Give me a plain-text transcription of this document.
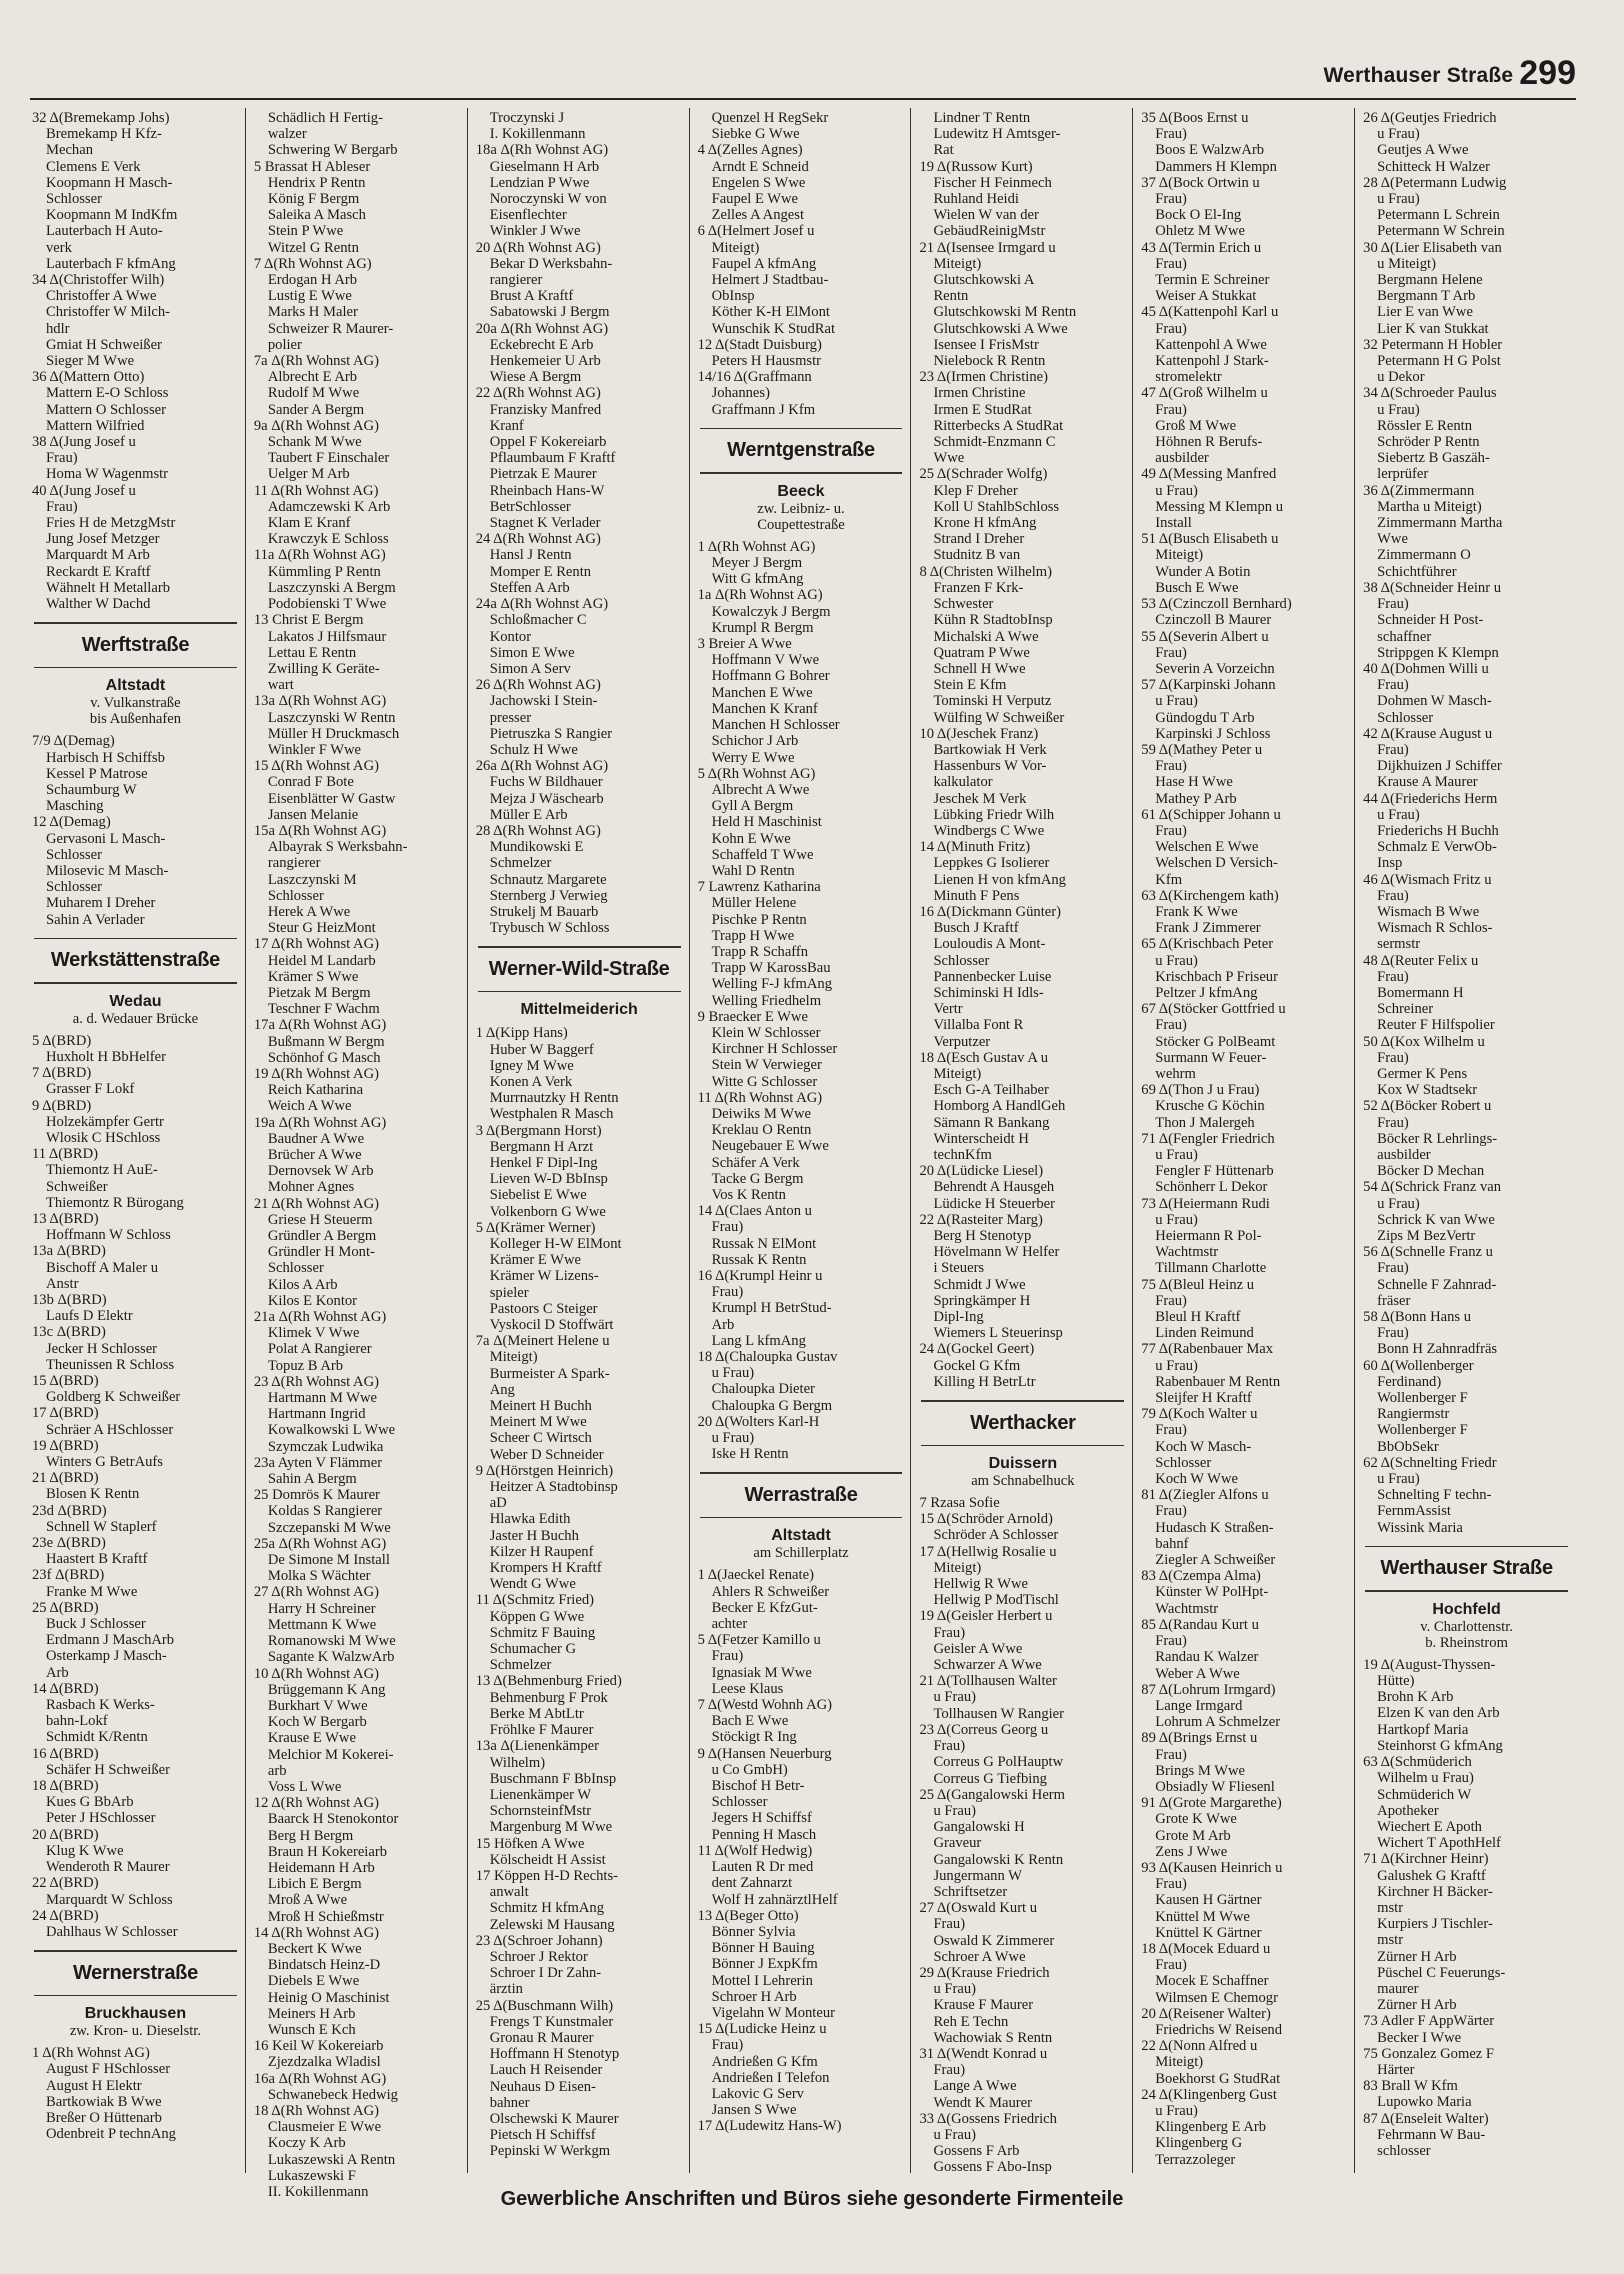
Werthauser Straße 299
32 Δ(Bremekamp Johs)
Bremekamp H Kfz-
Mechan
Clemens E Verk
Koopmann H Masch-
Schlosser
Koopmann M IndKfm
Lauterbach H Auto-
verk
Lauterbach F kfmAng
34 Δ(Christoffer Wilh)
Christoffer A Wwe
Christoffer W Milch-
hdlr
Gmiat H Schweißer
Sieger M Wwe
36 Δ(Mattern Otto)
Mattern E-O Schloss
Mattern O Schlosser
Mattern Wilfried
38 Δ(Jung Josef u
Frau)
Homa W Wagenmstr
40 Δ(Jung Josef u
Frau)
Fries H de MetzgMstr
Jung Josef Metzger
Marquardt M Arb
Reckardt E Kraftf
Wähnelt H Metallarb
Walther W Dachd
Werftstraße
Altstadt
v. Vulkanstraße
bis Außenhafen
7/9 Δ(Demag)
Harbisch H Schiffsb
Kessel P Matrose
Schaumburg W
Masching
12 Δ(Demag)
Gervasoni L Masch-
Schlosser
Milosevic M Masch-
Schlosser
Muharem I Dreher
Sahin A Verlader
Werkstättenstraße
Wedau
a. d. Wedauer Brücke
5 Δ(BRD)
Huxholt H BbHelfer
7 Δ(BRD)
Grasser F Lokf
9 Δ(BRD)
Holzekämpfer Gertr
Wlosik C HSchloss
11 Δ(BRD)
Thiemontz H AuE-
Schweißer
Thiemontz R Bürogang
13 Δ(BRD)
Hoffmann W Schloss
13a Δ(BRD)
Bischoff A Maler u
Anstr
13b Δ(BRD)
Laufs D Elektr
13c Δ(BRD)
Jecker H Schlosser
Theunissen R Schloss
15 Δ(BRD)
Goldberg K Schweißer
17 Δ(BRD)
Schräer A HSchlosser
19 Δ(BRD)
Winters G BetrAufs
21 Δ(BRD)
Blosen K Rentn
23d Δ(BRD)
Schnell W Staplerf
23e Δ(BRD)
Haastert B Kraftf
23f Δ(BRD)
Franke M Wwe
25 Δ(BRD)
Buck J Schlosser
Erdmann J MaschArb
Osterkamp J Masch-
Arb
14 Δ(BRD)
Rasbach K Werks-
bahn-Lokf
Schmidt K/Rentn
16 Δ(BRD)
Schäfer H Schweißer
18 Δ(BRD)
Kues G BbArb
Peter J HSchlosser
20 Δ(BRD)
Klug K Wwe
Wenderoth R Maurer
22 Δ(BRD)
Marquardt W Schloss
24 Δ(BRD)
Dahlhaus W Schlosser
Wernerstraße
Bruckhausen
zw. Kron- u. Dieselstr.
1 Δ(Rh Wohnst AG)
August F HSchlosser
August H Elektr
Bartkowiak B Wwe
Breßer O Hüttenarb
Odenbreit P technAng
Schädlich H Fertig-
walzer
Schwering W Bergarb
5 Brassat H Ableser
Hendrix P Rentn
König F Bergm
Saleika A Masch
Stein P Wwe
Witzel G Rentn
7 Δ(Rh Wohnst AG)
Erdogan H Arb
Lustig E Wwe
Marks H Maler
Schweizer R Maurer-
polier
7a Δ(Rh Wohnst AG)
Albrecht E Arb
Rudolf M Wwe
Sander A Bergm
9a Δ(Rh Wohnst AG)
Schank M Wwe
Taubert F Einschaler
Uelger M Arb
11 Δ(Rh Wohnst AG)
Adamczewski K Arb
Klam E Kranf
Krawczyk E Schloss
11a Δ(Rh Wohnst AG)
Kümmling P Rentn
Laszczynski A Bergm
Podobienski T Wwe
13 Christ E Bergm
Lakatos J Hilfsmaur
Lettau E Rentn
Zwilling K Geräte-
wart
13a Δ(Rh Wohnst AG)
Laszczynski W Rentn
Müller H Druckmasch
Winkler F Wwe
15 Δ(Rh Wohnst AG)
Conrad F Bote
Eisenblätter W Gastw
Jansen Melanie
15a Δ(Rh Wohnst AG)
Albayrak S Werksbahn-
rangierer
Laszczynski M
Schlosser
Herek A Wwe
Steur G HeizMont
17 Δ(Rh Wohnst AG)
Heidel M Landarb
Krämer S Wwe
Pietzak M Bergm
Teschner F Wachm
17a Δ(Rh Wohnst AG)
Bußmann W Bergm
Schönhof G Masch
19 Δ(Rh Wohnst AG)
Reich Katharina
Weich A Wwe
19a Δ(Rh Wohnst AG)
Baudner A Wwe
Brücher A Wwe
Dernovsek W Arb
Mohner Agnes
21 Δ(Rh Wohnst AG)
Griese H Steuerm
Gründler A Bergm
Gründler H Mont-
Schlosser
Kilos A Arb
Kilos E Kontor
21a Δ(Rh Wohnst AG)
Klimek V Wwe
Polat A Rangierer
Topuz B Arb
23 Δ(Rh Wohnst AG)
Hartmann M Wwe
Hartmann Ingrid
Kowalkowski L Wwe
Szymczak Ludwika
23a Ayten V Flämmer
Sahin A Bergm
25 Domrös K Maurer
Koldas S Rangierer
Szczepanski M Wwe
25a Δ(Rh Wohnst AG)
De Simone M Install
Molka S Wächter
27 Δ(Rh Wohnst AG)
Harry H Schreiner
Mettmann K Wwe
Romanowski M Wwe
Sagante K WalzwArb
10 Δ(Rh Wohnst AG)
Brüggemann K Ang
Burkhart V Wwe
Koch W Bergarb
Krause E Wwe
Melchior M Kokerei-
arb
Voss L Wwe
12 Δ(Rh Wohnst AG)
Baarck H Stenokontor
Berg H Bergm
Braun H Kokereiarb
Heidemann H Arb
Libich E Bergm
Mroß A Wwe
Mroß H Schießmstr
14 Δ(Rh Wohnst AG)
Beckert K Wwe
Bindatsch Heinz-D
Diebels E Wwe
Heinig O Maschinist
Meiners H Arb
Wunsch E Kch
16 Keil W Kokereiarb
Zjezdzalka Wladisl
16a Δ(Rh Wohnst AG)
Schwanebeck Hedwig
18 Δ(Rh Wohnst AG)
Clausmeier E Wwe
Koczy K Arb
Lukaszewski A Rentn
Lukaszewski F
II. Kokillenmann
Troczynski J
I. Kokillenmann
18a Δ(Rh Wohnst AG)
Gieselmann H Arb
Lendzian P Wwe
Noroczynski W von
Eisenflechter
Winkler J Wwe
20 Δ(Rh Wohnst AG)
Bekar D Werksbahn-
rangierer
Brust A Kraftf
Sabatowski J Bergm
20a Δ(Rh Wohnst AG)
Eckebrecht E Arb
Henkemeier U Arb
Wiese A Bergm
22 Δ(Rh Wohnst AG)
Franzisky Manfred
Kranf
Oppel F Kokereiarb
Pflaumbaum F Kraftf
Pietrzak E Maurer
Rheinbach Hans-W
BetrSchlosser
Stagnet K Verlader
24 Δ(Rh Wohnst AG)
Hansl J Rentn
Momper E Rentn
Steffen A Arb
24a Δ(Rh Wohnst AG)
Schloßmacher C
Kontor
Simon E Wwe
Simon A Serv
26 Δ(Rh Wohnst AG)
Jachowski I Stein-
presser
Pietruszka S Rangier
Schulz H Wwe
26a Δ(Rh Wohnst AG)
Fuchs W Bildhauer
Mejza J Wäschearb
Müller E Arb
28 Δ(Rh Wohnst AG)
Mundikowski E
Schmelzer
Schnautz Margarete
Sternberg J Verwieg
Strukelj M Bauarb
Trybusch W Schloss
Werner-Wild-Straße
Mittelmeiderich
1 Δ(Kipp Hans)
Huber W Baggerf
Igney M Wwe
Konen A Verk
Murrnautzky H Rentn
Westphalen R Masch
3 Δ(Bergmann Horst)
Bergmann H Arzt
Henkel F Dipl-Ing
Lieven W-D BbInsp
Siebelist E Wwe
Volkenborn G Wwe
5 Δ(Krämer Werner)
Kolleger H-W ElMont
Krämer E Wwe
Krämer W Lizens-
spieler
Pastoors C Steiger
Vyskocil D Stoffwärt
7a Δ(Meinert Helene u
Miteigt)
Burmeister A Spark-
Ang
Meinert H Buchh
Meinert M Wwe
Scheer C Wirtsch
Weber D Schneider
9 Δ(Hörstgen Heinrich)
Heitzer A Stadtobinsp
aD
Hlawka Edith
Jaster H Buchh
Kilzer H Raupenf
Krompers H Kraftf
Wendt G Wwe
11 Δ(Schmitz Fried)
Köppen G Wwe
Schmitz F Bauing
Schumacher G
Schmelzer
13 Δ(Behmenburg Fried)
Behmenburg F Prok
Berke M AbtLtr
Fröhlke F Maurer
13a Δ(Lienenkämper
Wilhelm)
Buschmann F BbInsp
Lienenkämper W
SchornsteinfMstr
Margenburg M Wwe
15 Höfken A Wwe
Kölscheidt H Assist
17 Köppen H-D Rechts-
anwalt
Schmitz H kfmAng
Zelewski M Hausang
23 Δ(Schroer Johann)
Schroer J Rektor
Schroer I Dr Zahn-
ärztin
25 Δ(Buschmann Wilh)
Frengs T Kunstmaler
Gronau R Maurer
Hoffmann H Stenotyp
Lauch H Reisender
Neuhaus D Eisen-
bahner
Olschewski K Maurer
Pietsch H Schiffsf
Pepinski W Werkgm
Quenzel H RegSekr
Siebke G Wwe
4 Δ(Zelles Agnes)
Arndt E Schneid
Engelen S Wwe
Faupel E Wwe
Zelles A Angest
6 Δ(Helmert Josef u
Miteigt)
Faupel A kfmAng
Helmert J Stadtbau-
ObInsp
Köther K-H ElMont
Wunschik K StudRat
12 Δ(Stadt Duisburg)
Peters H Hausmstr
14/16 Δ(Graffmann
Johannes)
Graffmann J Kfm
Werntgenstraße
Beeck
zw. Leibniz- u.
Coupettestraße
1 Δ(Rh Wohnst AG)
Meyer J Bergm
Witt G kfmAng
1a Δ(Rh Wohnst AG)
Kowalczyk J Bergm
Krumpl R Bergm
3 Breier A Wwe
Hoffmann V Wwe
Hoffmann G Bohrer
Manchen E Wwe
Manchen K Kranf
Manchen H Schlosser
Schichor J Arb
Werry E Wwe
5 Δ(Rh Wohnst AG)
Albrecht A Wwe
Gyll A Bergm
Held H Maschinist
Kohn E Wwe
Schaffeld T Wwe
Wahl D Rentn
7 Lawrenz Katharina
Müller Helene
Pischke P Rentn
Trapp H Wwe
Trapp R Schaffn
Trapp W KarossBau
Welling F-J kfmAng
Welling Friedhelm
9 Braecker E Wwe
Klein W Schlosser
Kirchner H Schlosser
Stein W Verwieger
Witte G Schlosser
11 Δ(Rh Wohnst AG)
Deiwiks M Wwe
Kreklau O Rentn
Neugebauer E Wwe
Schäfer A Verk
Tacke G Bergm
Vos K Rentn
14 Δ(Claes Anton u
Frau)
Russak N ElMont
Russak K Rentn
16 Δ(Krumpl Heinr u
Frau)
Krumpl H BetrStud-
Arb
Lang L kfmAng
18 Δ(Chaloupka Gustav
u Frau)
Chaloupka Dieter
Chaloupka G Bergm
20 Δ(Wolters Karl-H
u Frau)
Iske H Rentn
Werrastraße
Altstadt
am Schillerplatz
1 Δ(Jaeckel Renate)
Ahlers R Schweißer
Becker E KfzGut-
achter
5 Δ(Fetzer Kamillo u
Frau)
Ignasiak M Wwe
Leese Klaus
7 Δ(Westd Wohnh AG)
Bach E Wwe
Stöckigt R Ing
9 Δ(Hansen Neuerburg
u Co GmbH)
Bischof H Betr-
Schlosser
Jegers H Schiffsf
Penning H Masch
11 Δ(Wolf Hedwig)
Lauten R Dr med
dent Zahnarzt
Wolf H zahnärztlHelf
13 Δ(Beger Otto)
Bönner Sylvia
Bönner H Bauing
Bönner J ExpKfm
Mottel I Lehrerin
Schroer H Arb
Vigelahn W Monteur
15 Δ(Ludicke Heinz u
Frau)
Andrießen G Kfm
Andrießen I Telefon
Lakovic G Serv
Jansen S Wwe
17 Δ(Ludewitz Hans-W)
Lindner T Rentn
Ludewitz H Amtsger-
Rat
19 Δ(Russow Kurt)
Fischer H Feinmech
Ruhland Heidi
Wielen W van der
GebäudReinigMstr
21 Δ(Isensee Irmgard u
Miteigt)
Glutschkowski A
Rentn
Glutschkowski M Rentn
Glutschkowski A Wwe
Isensee I FrisMstr
Nielebock R Rentn
23 Δ(Irmen Christine)
Irmen Christine
Irmen E StudRat
Ritterbecks A StudRat
Schmidt-Enzmann C
Wwe
25 Δ(Schrader Wolfg)
Klep F Dreher
Koll U StahlbSchloss
Krone H kfmAng
Strand I Dreher
Studnitz B van
8 Δ(Christen Wilhelm)
Franzen F Krk-
Schwester
Kühn R StadtobInsp
Michalski A Wwe
Quatram P Wwe
Schnell H Wwe
Stein E Kfm
Tominski H Verputz
Wülfing W Schweißer
10 Δ(Jeschek Franz)
Bartkowiak H Verk
Hassenburs W Vor-
kalkulator
Jeschek M Verk
Lübking Friedr Wilh
Windbergs C Wwe
14 Δ(Minuth Fritz)
Leppkes G Isolierer
Lienen H von kfmAng
Minuth F Pens
16 Δ(Dickmann Günter)
Busch J Kraftf
Louloudis A Mont-
Schlosser
Pannenbecker Luise
Schiminski H Idls-
Vertr
Villalba Font R
Verputzer
18 Δ(Esch Gustav A u
Miteigt)
Esch G-A Teilhaber
Homborg A HandlGeh
Sämann R Bankang
Winterscheidt H
technKfm
20 Δ(Lüdicke Liesel)
Behrendt A Hausgeh
Lüdicke H Steuerber
22 Δ(Rasteiter Marg)
Berg H Stenotyp
Hövelmann W Helfer
i Steuers
Schmidt J Wwe
Springkämper H
Dipl-Ing
Wiemers L Steuerinsp
24 Δ(Gockel Geert)
Gockel G Kfm
Killing H BetrLtr
Werthacker
Duissern
am Schnabelhuck
7 Rzasa Sofie
15 Δ(Schröder Arnold)
Schröder A Schlosser
17 Δ(Hellwig Rosalie u
Miteigt)
Hellwig R Wwe
Hellwig P ModTischl
19 Δ(Geisler Herbert u
Frau)
Geisler A Wwe
Schwarzer A Wwe
21 Δ(Tollhausen Walter
u Frau)
Tollhausen W Rangier
23 Δ(Correus Georg u
Frau)
Correus G PolHauptw
Correus G Tiefbing
25 Δ(Gangalowski Herm
u Frau)
Gangalowski H
Graveur
Gangalowski K Rentn
Jungermann W
Schriftsetzer
27 Δ(Oswald Kurt u
Frau)
Oswald K Zimmerer
Schroer A Wwe
29 Δ(Krause Friedrich
u Frau)
Krause F Maurer
Reh E Techn
Wachowiak S Rentn
31 Δ(Wendt Konrad u
Frau)
Lange A Wwe
Wendt K Maurer
33 Δ(Gossens Friedrich
u Frau)
Gossens F Arb
Gossens F Abo-Insp
35 Δ(Boos Ernst u
Frau)
Boos E WalzwArb
Dammers H Klempn
37 Δ(Bock Ortwin u
Frau)
Bock O El-Ing
Ohletz M Wwe
43 Δ(Termin Erich u
Frau)
Termin E Schreiner
Weiser A Stukkat
45 Δ(Kattenpohl Karl u
Frau)
Kattenpohl A Wwe
Kattenpohl J Stark-
stromelektr
47 Δ(Groß Wilhelm u
Frau)
Groß M Wwe
Höhnen R Berufs-
ausbilder
49 Δ(Messing Manfred
u Frau)
Messing M Klempn u
Install
51 Δ(Busch Elisabeth u
Miteigt)
Wunder A Botin
Busch E Wwe
53 Δ(Czinczoll Bernhard)
Czinczoll B Maurer
55 Δ(Severin Albert u
Frau)
Severin A Vorzeichn
57 Δ(Karpinski Johann
u Frau)
Gündogdu T Arb
Karpinski J Schloss
59 Δ(Mathey Peter u
Frau)
Hase H Wwe
Mathey P Arb
61 Δ(Schipper Johann u
Frau)
Welschen E Wwe
Welschen D Versich-
Kfm
63 Δ(Kirchengem kath)
Frank K Wwe
Frank J Zimmerer
65 Δ(Krischbach Peter
u Frau)
Krischbach P Friseur
Peltzer J kfmAng
67 Δ(Stöcker Gottfried u
Frau)
Stöcker G PolBeamt
Surmann W Feuer-
wehrm
69 Δ(Thon J u Frau)
Krusche G Köchin
Thon J Malergeh
71 Δ(Fengler Friedrich
u Frau)
Fengler F Hüttenarb
Schönherr L Dekor
73 Δ(Heiermann Rudi
u Frau)
Heiermann R Pol-
Wachtmstr
Tillmann Charlotte
75 Δ(Bleul Heinz u
Frau)
Bleul H Kraftf
Linden Reimund
77 Δ(Rabenbauer Max
u Frau)
Rabenbauer M Rentn
Sleijfer H Kraftf
79 Δ(Koch Walter u
Frau)
Koch W Masch-
Schlosser
Koch W Wwe
81 Δ(Ziegler Alfons u
Frau)
Hudasch K Straßen-
bahnf
Ziegler A Schweißer
83 Δ(Czempa Alma)
Künster W PolHpt-
Wachtmstr
85 Δ(Randau Kurt u
Frau)
Randau K Walzer
Weber A Wwe
87 Δ(Lohrum Irmgard)
Lange Irmgard
Lohrum A Schmelzer
89 Δ(Brings Ernst u
Frau)
Brings M Wwe
Obsiadly W Fliesenl
91 Δ(Grote Margarethe)
Grote K Wwe
Grote M Arb
Zens J Wwe
93 Δ(Kausen Heinrich u
Frau)
Kausen H Gärtner
Knüttel M Wwe
Knüttel K Gärtner
18 Δ(Mocek Eduard u
Frau)
Mocek E Schaffner
Wilmsen E Chemogr
20 Δ(Reisener Walter)
Friedrichs W Reisend
22 Δ(Nonn Alfred u
Miteigt)
Boekhorst G StudRat
24 Δ(Klingenberg Gust
u Frau)
Klingenberg E Arb
Klingenberg G
Terrazzoleger
26 Δ(Geutjes Friedrich
u Frau)
Geutjes A Wwe
Schitteck H Walzer
28 Δ(Petermann Ludwig
u Frau)
Petermann L Schrein
Petermann W Schrein
30 Δ(Lier Elisabeth van
u Miteigt)
Bergmann Helene
Bergmann T Arb
Lier E van Wwe
Lier K van Stukkat
32 Petermann H Hobler
Petermann H G Polst
u Dekor
34 Δ(Schroeder Paulus
u Frau)
Rössler E Rentn
Schröder P Rentn
Siebertz B Gaszäh-
lerprüfer
36 Δ(Zimmermann
Martha u Miteigt)
Zimmermann Martha
Wwe
Zimmermann O
Schichtführer
38 Δ(Schneider Heinr u
Frau)
Schneider H Post-
schaffner
Strippgen K Klempn
40 Δ(Dohmen Willi u
Frau)
Dohmen W Masch-
Schlosser
42 Δ(Krause August u
Frau)
Dijkhuizen J Schiffer
Krause A Maurer
44 Δ(Friederichs Herm
u Frau)
Friederichs H Buchh
Schmalz E VerwOb-
Insp
46 Δ(Wismach Fritz u
Frau)
Wismach B Wwe
Wismach R Schlos-
sermstr
48 Δ(Reuter Felix u
Frau)
Bomermann H
Schreiner
Reuter F Hilfspolier
50 Δ(Kox Wilhelm u
Frau)
Germer K Pens
Kox W Stadtsekr
52 Δ(Böcker Robert u
Frau)
Böcker R Lehrlings-
ausbilder
Böcker D Mechan
54 Δ(Schrick Franz van
u Frau)
Schrick K van Wwe
Zips M BezVertr
56 Δ(Schnelle Franz u
Frau)
Schnelle F Zahnrad-
fräser
58 Δ(Bonn Hans u
Frau)
Bonn H Zahnradfräs
60 Δ(Wollenberger
Ferdinand)
Wollenberger F
Rangiermstr
Wollenberger F
BbObSekr
62 Δ(Schnelting Friedr
u Frau)
Schnelting F techn-
FernmAssist
Wissink Maria
Werthauser Straße
Hochfeld
v. Charlottenstr.
b. Rheinstrom
19 Δ(August-Thyssen-
Hütte)
Brohn K Arb
Elzen K van den Arb
Hartkopf Maria
Steinhorst G kfmAng
63 Δ(Schmüderich
Wilhelm u Frau)
Schmüderich W
Apotheker
Wiechert E Apoth
Wichert T ApothHelf
71 Δ(Kirchner Heinr)
Galushek G Kraftf
Kirchner H Bäcker-
mstr
Kurpiers J Tischler-
mstr
Zürner H Arb
Püschel C Feuerungs-
maurer
Zürner H Arb
73 Adler F AppWärter
Becker I Wwe
75 Gonzalez Gomez F
Härter
83 Brall W Kfm
Lupowko Maria
87 Δ(Enseleit Walter)
Fehrmann W Bau-
schlosser
Gewerbliche Anschriften und Büros siehe gesonderte Firmenteile
